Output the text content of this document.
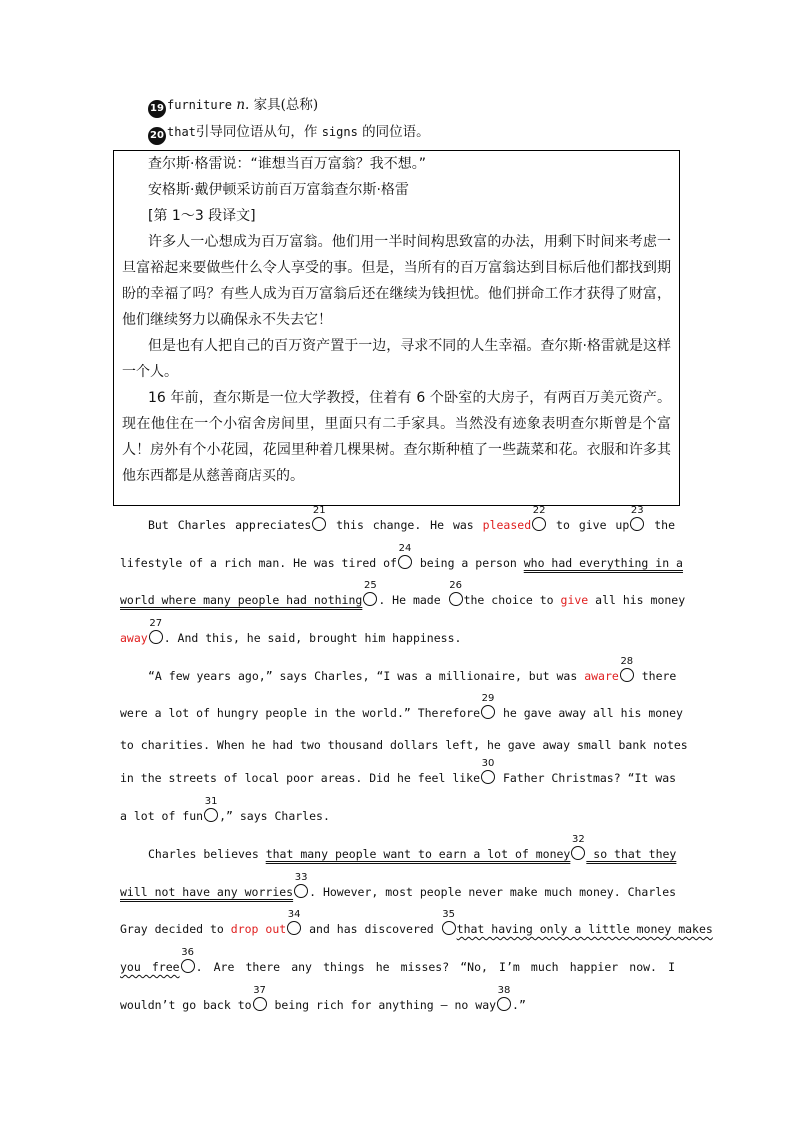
19 furniture n. 家具(总称)
20 that引导同位语从句，作 signs 的同位语。

查尔斯·格雷说：“谁想当百万富翁？我不想。”

安格斯·戴伊顿采访前百万富翁查尔斯·格雷

[第 1～3 段译文]

许多人一心想成为百万富翁。他们用一半时间构思致富的办法，用剩下时间来考虑一旦富裕起来要做些什么令人享受的事。但是，当所有的百万富翁达到目标后他们都找到期盼的幸福了吗？有些人成为百万富翁后还在继续为钱担忧。他们拼命工作才获得了财富，他们继续努力以确保永不失去它！

但是也有人把自己的百万资产置于一边，寻求不同的人生幸福。查尔斯·格雷就是这样一个人。

16 年前，查尔斯是一位大学教授，住着有 6 个卧室的大房子，有两百万美元资产。现在他住在一个小宿舍房间里，里面只有二手家具。当然没有迹象表明查尔斯曾是个富人！房外有个小花园，花园里种着几棵果树。查尔斯种植了一些蔬菜和花。衣服和许多其他东西都是从慈善商店买的。

But Charles appreciates
21
this change. He was pleased
22
to give up
23
the
lifestyle of a rich man. He was tired of
24
being a person who had everything in a
world where many people had nothing
25
. He made
26
the choice to give all his money
away
27
. And this, he said, brought him happiness.
“A few years ago,” says Charles, “I was a millionaire, but was aware
28
there
were a lot of hungry people in the world.” Therefore
29
he gave away all his money
to charities. When he had two thousand dollars left, he gave away small bank notes
in the streets of local poor areas. Did he feel like
30
Father Christmas? “It was
a lot of fun
31
,” says Charles.
Charles believes that many people want to earn a lot of money
32
so that they
will not have any worries
33
. However, most people never make much money. Charles
Gray decided to drop out
34
and has discovered
35
that having only a little money makes
you free
36
. Are there any things he misses? “No, I’m much happier now. I
wouldn’t go back to
37
being rich for anything — no way
38
.”
